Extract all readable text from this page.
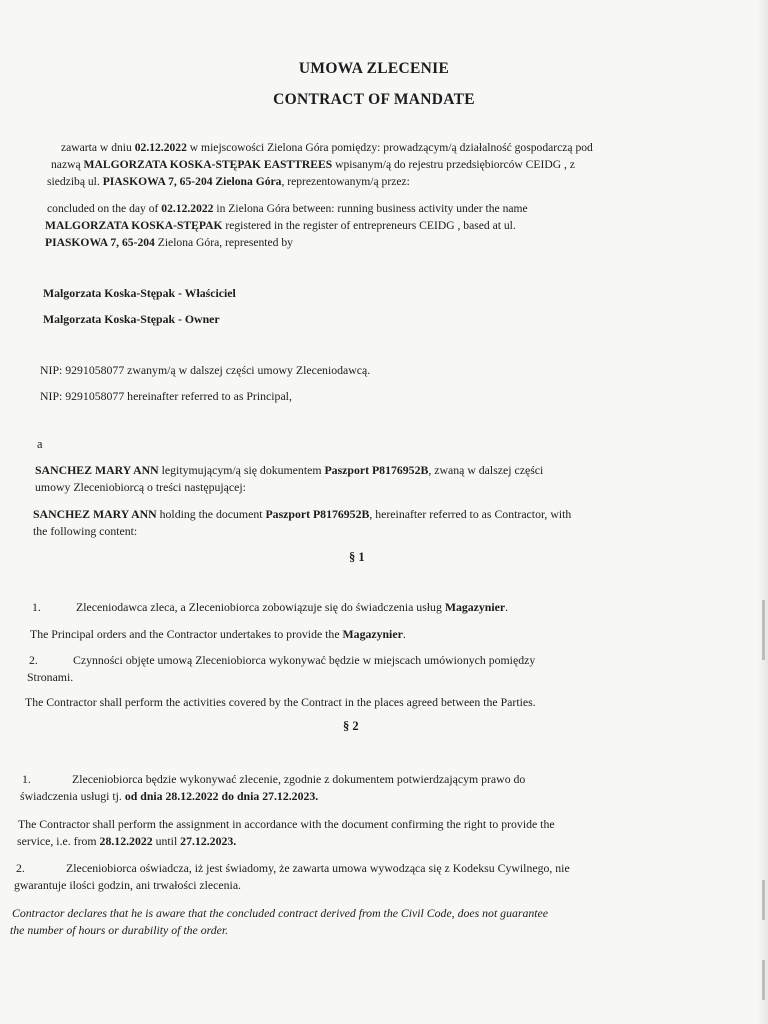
UMOWA ZLECENIE
CONTRACT OF MANDATE
zawarta w dniu 02.12.2022 w miejscowości Zielona Góra pomiędzy: prowadzącym/ą działalność gospodarczą pod
nazwą MALGORZATA KOSKA-STĘPAK EASTTREES wpisanym/ą do rejestru przedsiębiorców CEIDG , z
siedzibą ul. PIASKOWA 7, 65-204 Zielona Góra, reprezentowanym/ą przez:
concluded on the day of 02.12.2022 in Zielona Góra between: running business activity under the name
MALGORZATA KOSKA-STĘPAK registered in the register of entrepreneurs CEIDG , based at ul.
PIASKOWA 7, 65-204 Zielona Góra, represented by
Malgorzata Koska-Stępak - Właściciel
Malgorzata Koska-Stępak - Owner
NIP: 9291058077 zwanym/ą w dalszej części umowy Zleceniodawcą.
NIP: 9291058077 hereinafter referred to as Principal,
a
SANCHEZ MARY ANN legitymującym/ą się dokumentem Paszport P8176952B, zwaną w dalszej części
umowy Zleceniobiorcą o treści następującej:
SANCHEZ MARY ANN holding the document Paszport P8176952B, hereinafter referred to as Contractor, with
the following content:
§ 1
1.	Zleceniodawca zleca, a Zleceniobiorca zobowiązuje się do świadczenia usług Magazynier.
The Principal orders and the Contractor undertakes to provide the Magazynier.
2.	Czynności objęte umową Zleceniobiorca wykonywać będzie w miejscach umówionych pomiędzy
Stronami.
The Contractor shall perform the activities covered by the Contract in the places agreed between the Parties.
§ 2
1.	Zleceniobiorca będzie wykonywać zlecenie, zgodnie z dokumentem potwierdzającym prawo do
świadczenia usługi tj. od dnia 28.12.2022 do dnia 27.12.2023.
The Contractor shall perform the assignment in accordance with the document confirming the right to provide the
service, i.e. from 28.12.2022 until 27.12.2023.
2.	Zleceniobiorca oświadcza, iż jest świadomy, że zawarta umowa wywodząca się z Kodeksu Cywilnego, nie
gwarantuje ilości godzin, ani trwałości zlecenia.
Contractor declares that he is aware that the concluded contract derived from the Civil Code, does not guarantee
the number of hours or durability of the order.
